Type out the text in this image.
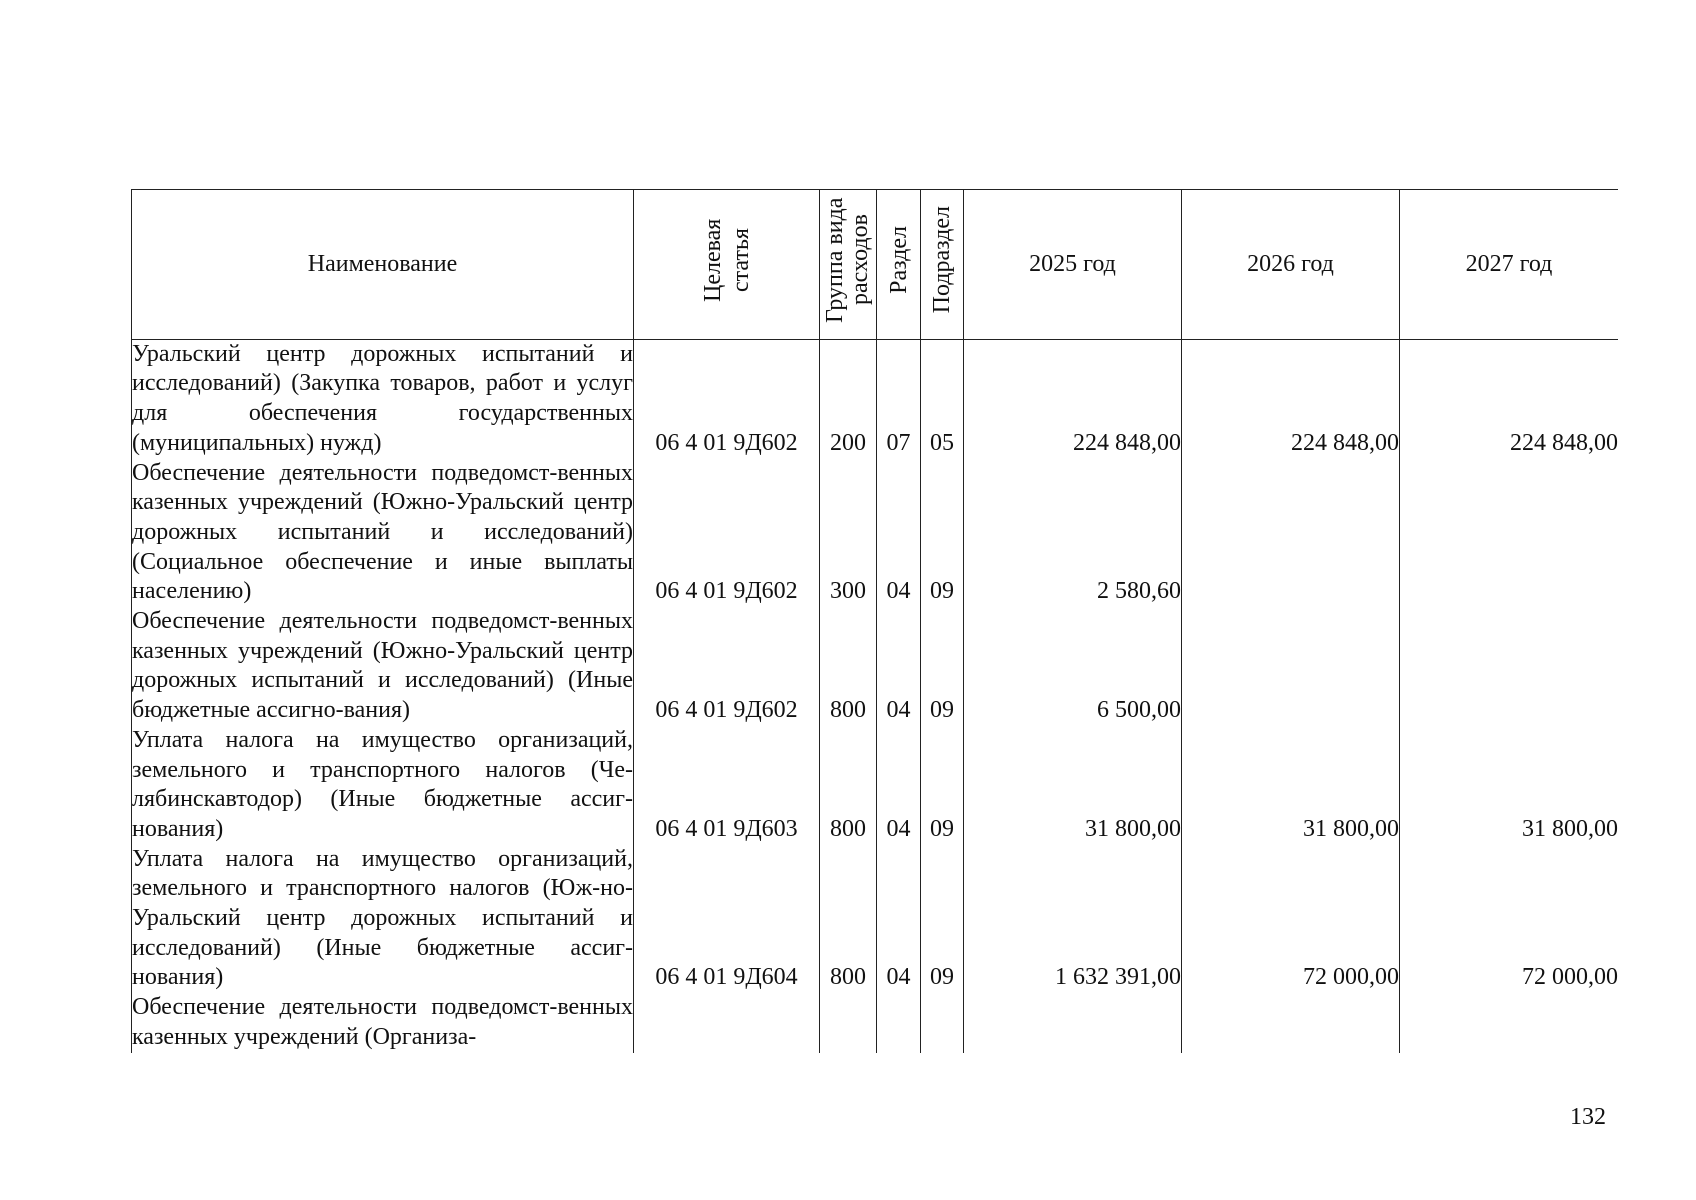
Наименование	Целевая статья	Группа вида расходов	Раздел	Подраздел	2025 год	2026 год	2027 год
Уральский центр дорожных испытаний и исследований) (Закупка товаров, работ и услуг для обеспечения государственных (муниципальных) нужд)	06 4 01 9Д602	200	07	05	224 848,00	224 848,00	224 848,00
Обеспечение деятельности подведомст-венных казенных учреждений (Южно-Уральский центр дорожных испытаний и исследований) (Социальное обеспечение и иные выплаты населению)	06 4 01 9Д602	300	04	09	2 580,60		
Обеспечение деятельности подведомст-венных казенных учреждений (Южно-Уральский центр дорожных испытаний и исследований) (Иные бюджетные ассигно-вания)	06 4 01 9Д602	800	04	09	6 500,00		
Уплата налога на имущество организаций, земельного и транспортного налогов (Че-лябинскавтодор) (Иные бюджетные ассиг-нования)	06 4 01 9Д603	800	04	09	31 800,00	31 800,00	31 800,00
Уплата налога на имущество организаций, земельного и транспортного налогов (Юж-но-Уральский центр дорожных испытаний и исследований) (Иные бюджетные ассиг-нования)	06 4 01 9Д604	800	04	09	1 632 391,00	72 000,00	72 000,00
Обеспечение деятельности подведомст-венных казенных учреждений (Организа-							
132
